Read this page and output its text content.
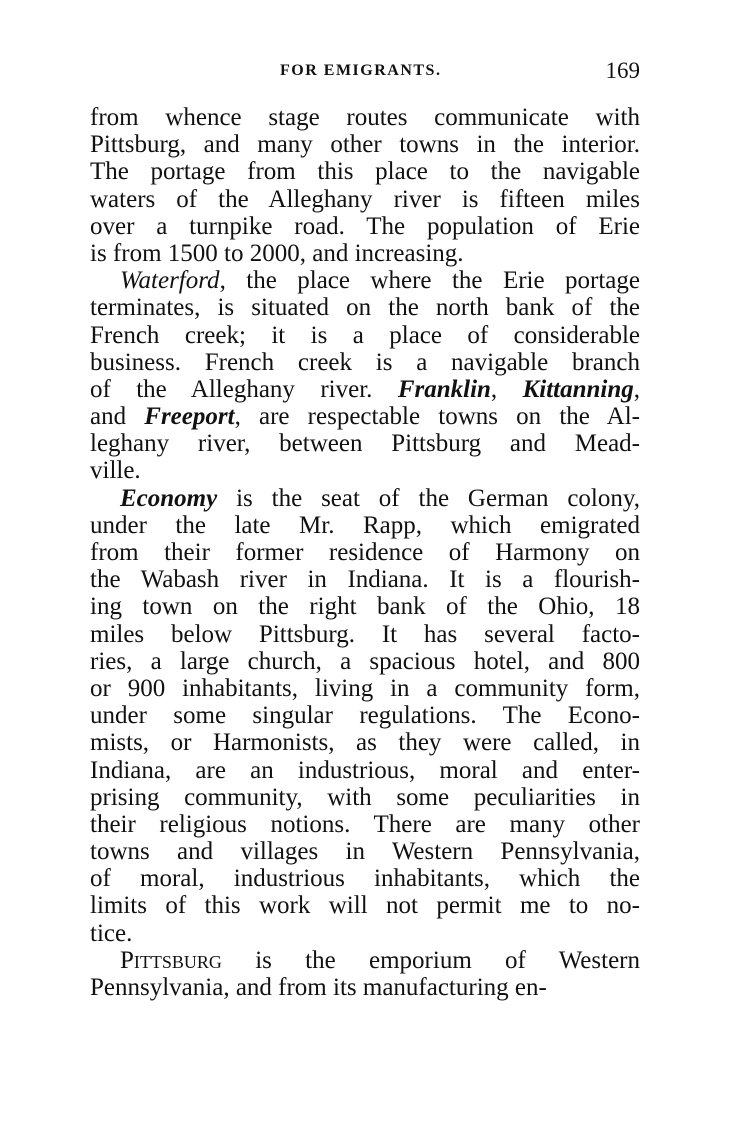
FOR EMIGRANTS.	169
from whence stage routes communicate with
Pittsburg, and many other towns in the interior.
The portage from this place to the navigable
waters of the Alleghany river is fifteen miles
over a turnpike road. The population of Erie
is from 1500 to 2000, and increasing.
Waterford, the place where the Erie portage
terminates, is situated on the north bank of the
French creek; it is a place of considerable
business. French creek is a navigable branch
of the Alleghany river. Franklin, Kittanning,
and Freeport, are respectable towns on the Al-
leghany river, between Pittsburg and Mead-
ville.
Economy is the seat of the German colony,
under the late Mr. Rapp, which emigrated
from their former residence of Harmony on
the Wabash river in Indiana. It is a flourish-
ing town on the right bank of the Ohio, 18
miles below Pittsburg. It has several facto-
ries, a large church, a spacious hotel, and 800
or 900 inhabitants, living in a community form,
under some singular regulations. The Econo-
mists, or Harmonists, as they were called, in
Indiana, are an industrious, moral and enter-
prising community, with some peculiarities in
their religious notions. There are many other
towns and villages in Western Pennsylvania,
of moral, industrious inhabitants, which the
limits of this work will not permit me to no-
tice.
Pittsburg is the emporium of Western
Pennsylvania, and from its manufacturing en-
